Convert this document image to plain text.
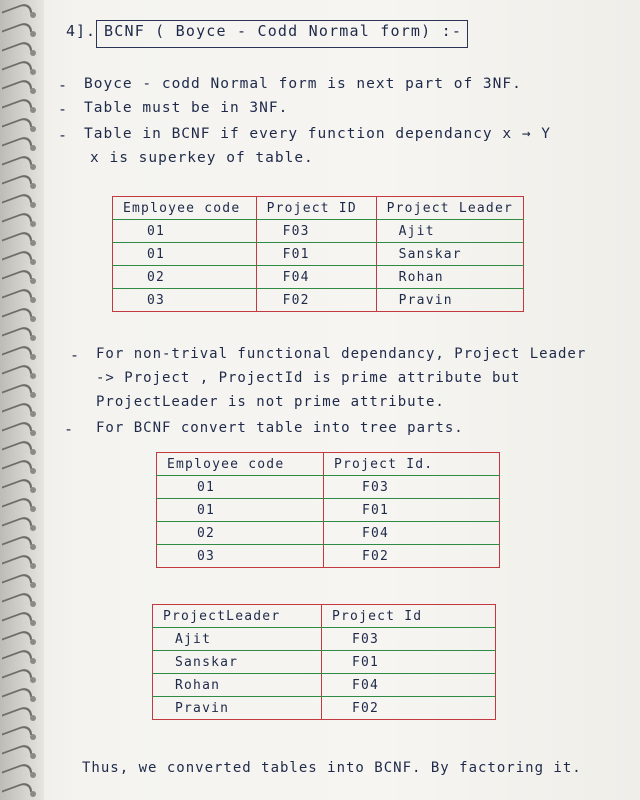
4]. BCNF ( Boyce - Codd Normal form) :-
- Boyce - codd Normal form is next part of 3NF.
- Table must be in 3NF.
- Table in BCNF if every function dependancy x → Y
x is superkey of table.
Employee code	Project ID	Project Leader
01	F03	Ajit
01	F01	Sanskar
02	F04	Rohan
03	F02	Pravin
- For non-trival functional dependancy, Project Leader
-> Project , ProjectId is prime attribute but
ProjectLeader is not prime attribute.
- For BCNF convert table into tree parts.
Employee code	Project Id.
01	F03
01	F01
02	F04
03	F02
ProjectLeader	Project Id
Ajit	F03
Sanskar	F01
Rohan	F04
Pravin	F02
Thus, we converted tables into BCNF. By factoring it.
